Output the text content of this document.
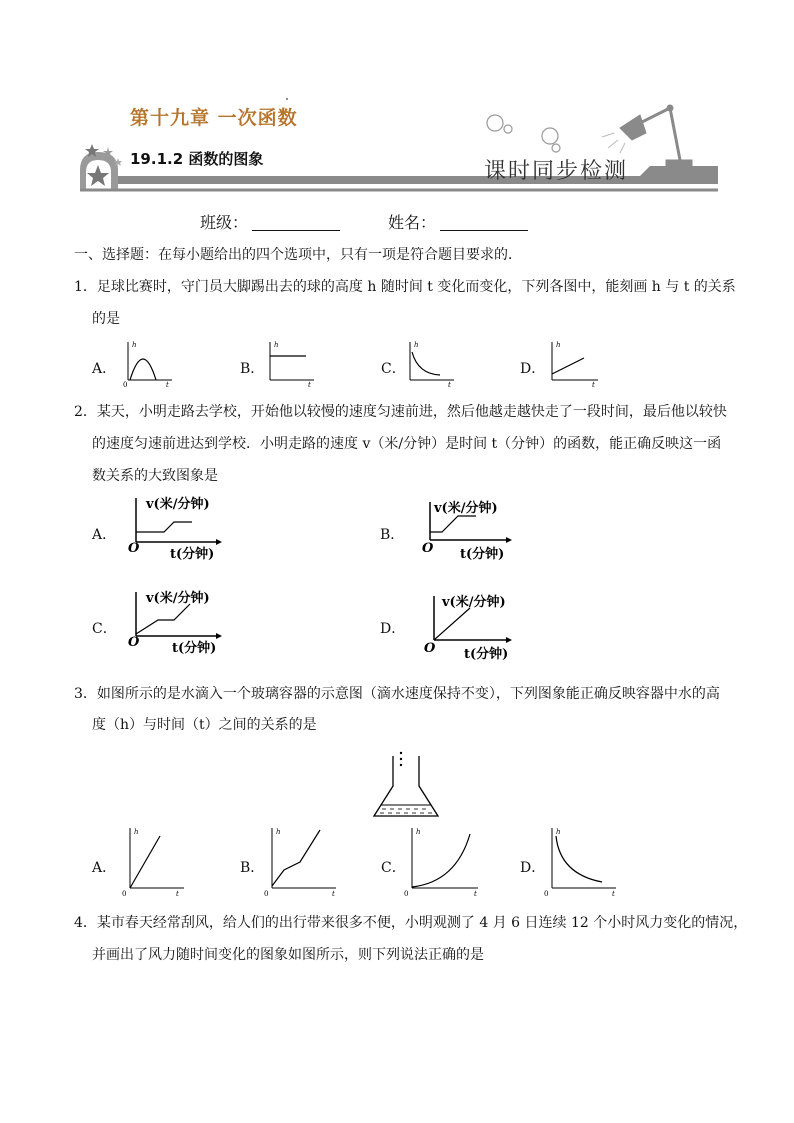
第十九章 一次函数
19.1.2 函数的图象	课时同步检测
班级：	姓名：
一、选择题：在每小题给出的四个选项中，只有一项是符合题目要求的．
1．足球比赛时，守门员大脚踢出去的球的高度 h 随时间 t 变化而变化，下列各图中，能刻画 h 与 t 的关系
的是
A．	B．	C．	D．
h
0	t
h
t
h
t
h
t
2．某天，小明走路去学校，开始他以较慢的速度匀速前进，然后他越走越快走了一段时间，最后他以较快
的速度匀速前进达到学校．小明走路的速度 v（米/分钟）是时间 t（分钟）的函数，能正确反映这一函
数关系的大致图象是
A．	B．
C．	D．
v(米/分钟)
O t(分钟)
v(米/分钟)
O t(分钟)
v(米/分钟)
O	t(分钟)
v(米/分钟)
O t(分钟)
3．如图所示的是水滴入一个玻璃容器的示意图（滴水速度保持不变），下列图象能正确反映容器中水的高
度（h）与时间（t）之间的关系的是
A．	B．	C．	D．
h
0	t
h
0	t
h
0	t
h
0	t
4．某市春天经常刮风，给人们的出行带来很多不便，小明观测了 4 月 6 日连续 12 个小时风力变化的情况，
并画出了风力随时间变化的图象如图所示，则下列说法正确的是
